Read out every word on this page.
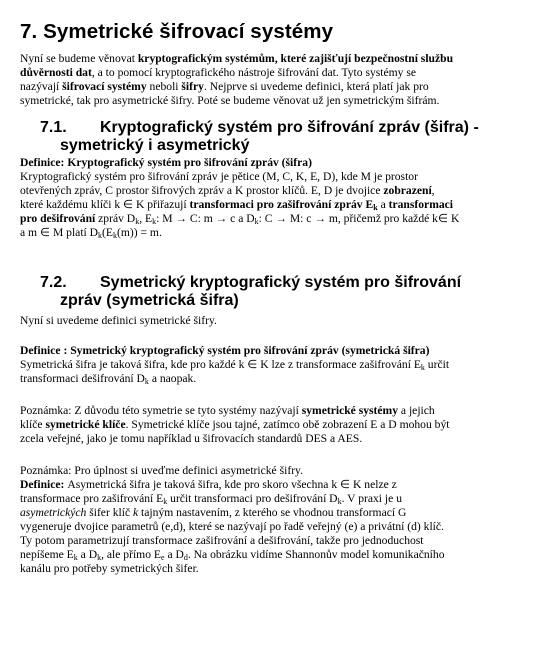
7. Symetrické šifrovací systémy
Nyní se budeme věnovat kryptografickým systémům, které zajišťují bezpečnostní službu
důvěrnosti dat, a to pomocí kryptografického nástroje šifrování dat. Tyto systémy se
nazývají šifrovací systémy neboli šifry. Nejprve si uvedeme definici, která platí jak pro
symetrické, tak pro asymetrické šifry. Poté se budeme věnovat už jen symetrickým šifrám.
7.1. Kryptografický systém pro šifrování zpráv (šifra) -
symetrický i asymetrický
Definice: Kryptografický systém pro šifrování zpráv (šifra)
Kryptografický systém pro šifrování zpráv je pětice (M, C, K, E, D), kde M je prostor
otevřených zpráv, C prostor šifrových zpráv a K prostor klíčů. E, D je dvojice zobrazení,
které každému klíči k ∈ K přiřazují transformaci pro zašifrování zpráv $E_k$ a transformaci
pro dešifrování zpráv $D_k$, $E_k$: M → C: m → c a $D_k$: C → M: c → m, přičemž pro každé k∈ K
a m ∈ M platí $D_k(E_k(m)) = m$.
7.2. Symetrický kryptografický systém pro šifrování
zpráv (symetrická šifra)
Nyní si uvedeme definici symetrické šifry.
Definice : Symetrický kryptografický systém pro šifrování zpráv (symetrická šifra)
Symetrická šifra je taková šifra, kde pro každé k ∈ K lze z transformace zašifrování $E_k$ určit
transformaci dešifrování $D_k$ a naopak.
Poznámka: Z důvodu této symetrie se tyto systémy nazývají symetrické systémy a jejich
klíče symetrické klíče. Symetrické klíče jsou tajné, zatímco obě zobrazení E a D mohou být
zcela veřejné, jako je tomu například u šifrovacích standardů DES a AES.
Poznámka: Pro úplnost si uveďme definici asymetrické šifry.
Definice: Asymetrická šifra je taková šifra, kde pro skoro všechna k ∈ K nelze z
transformace pro zašifrování $E_k$ určit transformaci pro dešifrování $D_k$. V praxi je u
asymetrických šifer klíč k tajným nastavením, z kterého se vhodnou transformací G
vygeneruje dvojice parametrů (e,d), které se nazývají po řadě veřejný (e) a privátní (d) klíč.
Ty potom parametrizují transformace zašifrování a dešifrování, takže pro jednoduchost
nepíšeme $E_k$ a $D_k$, ale přímo $E_e$ a $D_d$. Na obrázku vidíme Shannonův model komunikačního
kanálu pro potřeby symetrických šifer.
